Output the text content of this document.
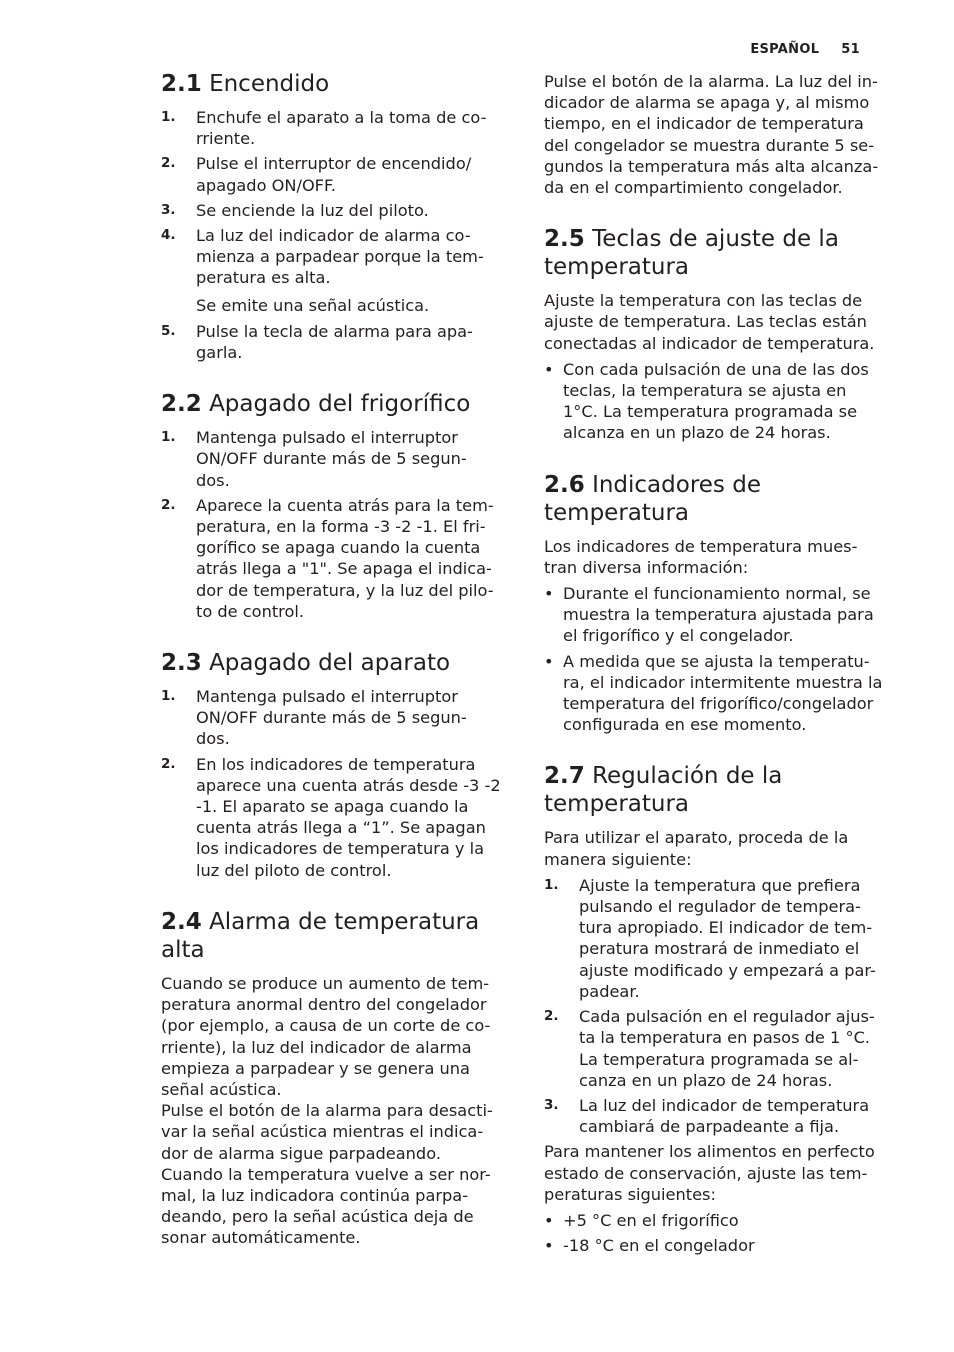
ESPAÑOL 51
2.1 Encendido
1. Enchufe el aparato a la toma de co-
rriente.
2. Pulse el interruptor de encendido/
apagado ON/OFF.
3. Se enciende la luz del piloto.
4. La luz del indicador de alarma co-
mienza a parpadear porque la tem-
peratura es alta.

Se emite una señal acústica.

5. Pulse la tecla de alarma para apa-
garla.
2.2 Apagado del frigorífico
1. Mantenga pulsado el interruptor
ON/OFF durante más de 5 segun-
dos.
2. Aparece la cuenta atrás para la tem-
peratura, en la forma -3 -2 -1. El fri-
gorífico se apaga cuando la cuenta
atrás llega a "1". Se apaga el indica-
dor de temperatura, y la luz del pilo-
to de control.
2.3 Apagado del aparato
1. Mantenga pulsado el interruptor
ON/OFF durante más de 5 segun-
dos.
2. En los indicadores de temperatura
aparece una cuenta atrás desde -3 -2
-1. El aparato se apaga cuando la
cuenta atrás llega a “1”. Se apagan
los indicadores de temperatura y la
luz del piloto de control.
2.4 Alarma de temperatura
alta

Cuando se produce un aumento de tem-
peratura anormal dentro del congelador
(por ejemplo, a causa de un corte de co-
rriente), la luz del indicador de alarma
empieza a parpadear y se genera una
señal acústica.
Pulse el botón de la alarma para desacti-
var la señal acústica mientras el indica-
dor de alarma sigue parpadeando.
Cuando la temperatura vuelve a ser nor-
mal, la luz indicadora continúa parpa-
deando, pero la señal acústica deja de
sonar automáticamente.

Pulse el botón de la alarma. La luz del in-
dicador de alarma se apaga y, al mismo
tiempo, en el indicador de temperatura
del congelador se muestra durante 5 se-
gundos la temperatura más alta alcanza-
da en el compartimiento congelador.

2.5 Teclas de ajuste de la
temperatura

Ajuste la temperatura con las teclas de
ajuste de temperatura. Las teclas están
conectadas al indicador de temperatura.

• Con cada pulsación de una de las dos
teclas, la temperatura se ajusta en
1°C. La temperatura programada se
alcanza en un plazo de 24 horas.
2.6 Indicadores de
temperatura

Los indicadores de temperatura mues-
tran diversa información:

• Durante el funcionamiento normal, se
muestra la temperatura ajustada para
el frigorífico y el congelador.
• A medida que se ajusta la temperatu-
ra, el indicador intermitente muestra la
temperatura del frigorífico/congelador
configurada en ese momento.
2.7 Regulación de la
temperatura

Para utilizar el aparato, proceda de la
manera siguiente:

1. Ajuste la temperatura que prefiera
pulsando el regulador de tempera-
tura apropiado. El indicador de tem-
peratura mostrará de inmediato el
ajuste modificado y empezará a par-
padear.
2. Cada pulsación en el regulador ajus-
ta la temperatura en pasos de 1 °C.
La temperatura programada se al-
canza en un plazo de 24 horas.
3. La luz del indicador de temperatura
cambiará de parpadeante a fija.

Para mantener los alimentos en perfecto
estado de conservación, ajuste las tem-
peraturas siguientes:

• +5 °C en el frigorífico
• -18 °C en el congelador
